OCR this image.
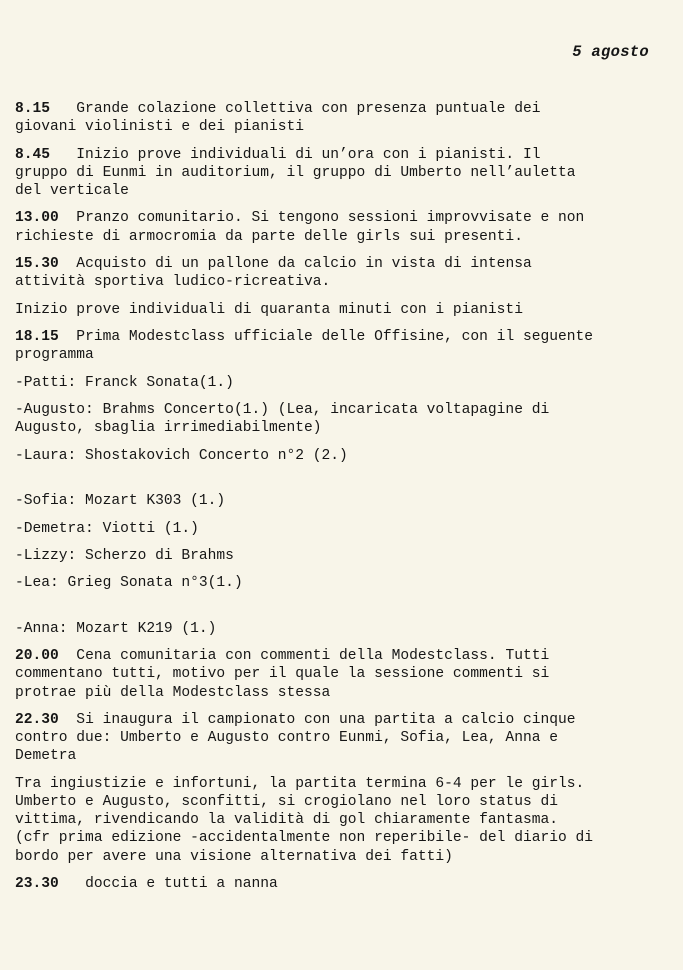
5 agosto
8.15   Grande colazione collettiva con presenza puntuale dei
giovani violinisti e dei pianisti
8.45   Inizio prove individuali di un’ora con i pianisti. Il
gruppo di Eunmi in auditorium, il gruppo di Umberto nell’auletta
del verticale
13.00  Pranzo comunitario. Si tengono sessioni improvvisate e non
richieste di armocromia da parte delle girls sui presenti.
15.30  Acquisto di un pallone da calcio in vista di intensa
attività sportiva ludico-ricreativa.
Inizio prove individuali di quaranta minuti con i pianisti
18.15  Prima Modestclass ufficiale delle Offisine, con il seguente
programma
-Patti: Franck Sonata(1.)
-Augusto: Brahms Concerto(1.) (Lea, incaricata voltapagine di
Augusto, sbaglia irrimediabilmente)
-Laura: Shostakovich Concerto n°2 (2.)
-Sofia: Mozart K303 (1.)
-Demetra: Viotti (1.)
-Lizzy: Scherzo di Brahms
-Lea: Grieg Sonata n°3(1.)
-Anna: Mozart K219 (1.)
20.00  Cena comunitaria con commenti della Modestclass. Tutti
commentano tutti, motivo per il quale la sessione commenti si
protrae più della Modestclass stessa
22.30  Si inaugura il campionato con una partita a calcio cinque
contro due: Umberto e Augusto contro Eunmi, Sofia, Lea, Anna e
Demetra
Tra ingiustizie e infortuni, la partita termina 6-4 per le girls.
Umberto e Augusto, sconfitti, si crogiolano nel loro status di
vittima, rivendicando la validità di gol chiaramente fantasma.
(cfr prima edizione -accidentalmente non reperibile- del diario di
bordo per avere una visione alternativa dei fatti)
23.30   doccia e tutti a nanna
